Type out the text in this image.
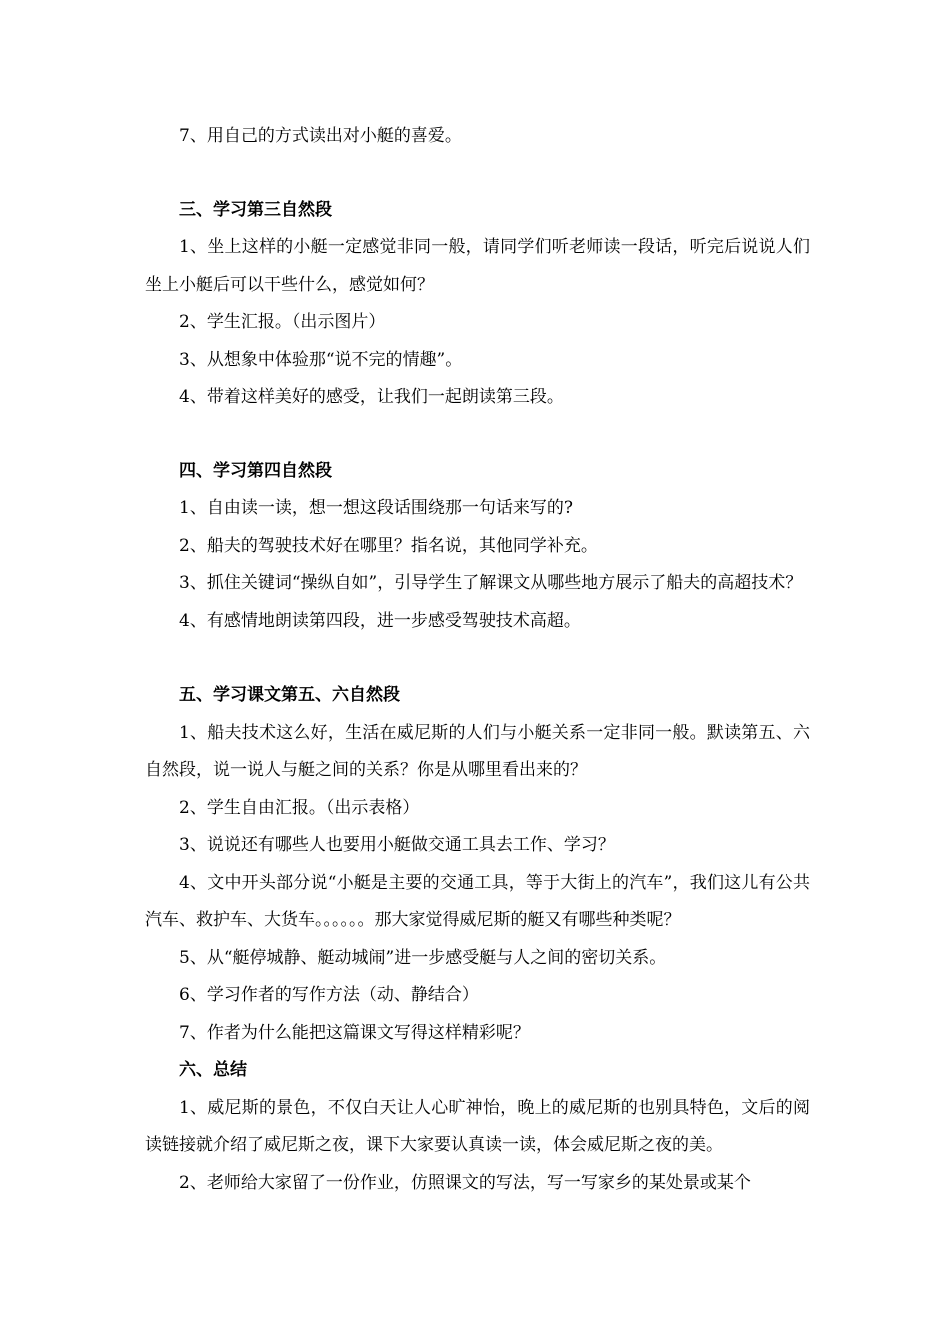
7、用自己的方式读出对小艇的喜爱。

三、学习第三自然段

1、坐上这样的小艇一定感觉非同一般，请同学们听老师读一段话，听完后说说人们坐上小艇后可以干些什么，感觉如何？

2、学生汇报。（出示图片）

3、从想象中体验那“说不完的情趣”。

4、带着这样美好的感受，让我们一起朗读第三段。

四、学习第四自然段

1、自由读一读，想一想这段话围绕那一句话来写的?

2、船夫的驾驶技术好在哪里？指名说，其他同学补充。

3、抓住关键词“操纵自如”，引导学生了解课文从哪些地方展示了船夫的高超技术？

4、有感情地朗读第四段，进一步感受驾驶技术高超。

五、学习课文第五、六自然段

1、船夫技术这么好，生活在威尼斯的人们与小艇关系一定非同一般。默读第五、六自然段，说一说人与艇之间的关系？你是从哪里看出来的？

2、学生自由汇报。（出示表格）

3、说说还有哪些人也要用小艇做交通工具去工作、学习？

4、文中开头部分说“小艇是主要的交通工具，等于大街上的汽车”，我们这儿有公共汽车、救护车、大货车。。。。。。那大家觉得威尼斯的艇又有哪些种类呢？

5、从“艇停城静、艇动城闹”进一步感受艇与人之间的密切关系。

6、学习作者的写作方法（动、静结合）

7、作者为什么能把这篇课文写得这样精彩呢？

六、总结

1、威尼斯的景色，不仅白天让人心旷神怡，晚上的威尼斯的也别具特色，文后的阅读链接就介绍了威尼斯之夜，课下大家要认真读一读，体会威尼斯之夜的美。

2、老师给大家留了一份作业，仿照课文的写法，写一写家乡的某处景或某个
